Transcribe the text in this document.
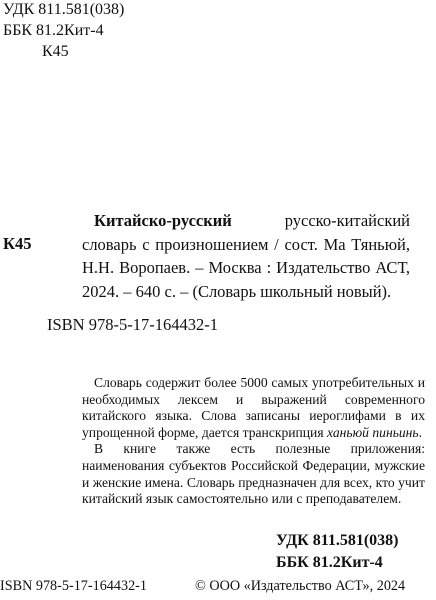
УДК 811.581(038)
ББК 81.2Кит-4
К45
К45
Китайско-русский русско-китайский словарь с произношением / сост. Ма Тяньюй, Н.Н. Воропаев. – Москва : Издательство АСТ, 2024. – 640 с. – (Словарь школьный новый).
ISBN 978-5-17-164432-1

Словарь содержит более 5000 самых употребительных и необходимых лексем и выражений современного китайского языка. Слова записаны иероглифами в их упрощенной форме, дается транскрипция ханьюй пиньинь.

В книге также есть полезные приложения: наименования субъектов Российской Федерации, мужские и женские имена. Словарь предназначен для всех, кто учит китайский язык самостоятельно или с преподавателем.

УДК 811.581(038)
ББК 81.2Кит-4
ISBN 978-5-17-164432-1	© ООО «Издательство АСТ», 2024
